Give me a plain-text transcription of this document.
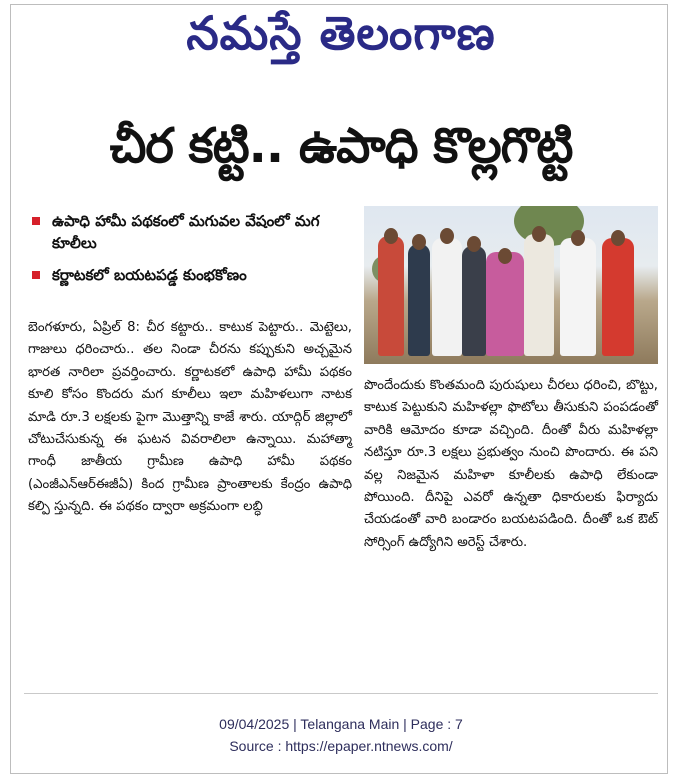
నమస్తే తెలంగాణ
చీర కట్టి.. ఉపాధి కొల్లగొట్టి
ఉపాధి హామీ పథకంలో మగువల వేషంలో మగ కూలీలు
కర్ణాటకలో బయటపడ్డ కుంభకోణం

బెంగళూరు, ఏప్రిల్ 8: చీర కట్టారు.. కాటుక పెట్టారు.. మెట్టెలు, గాజులు ధరించారు.. తల నిండా చీరను కప్పుకుని అచ్చమైన భారత నారిలా ప్రవర్తించారు. కర్ణాటకలో ఉపాధి హామీ పథకం కూలి కోసం కొందరు మగ కూలీలు ఇలా మహిళలుగా నాటక మాడి రూ.3 లక్షలకు పైగా మొత్తాన్ని కాజే శారు. యాద్గిర్ జిల్లాలో చోటుచేసుకున్న ఈ ఘటన వివరాలిలా ఉన్నాయి. మహాత్మా గాంధీ జాతీయ గ్రామీణ ఉపాధి హామీ పథకం (ఎంజీఎన్ఆర్ఈజీఏ) కింద గ్రామీణ ప్రాంతాలకు కేంద్రం ఉపాధి కల్పి స్తున్నది. ఈ పథకం ద్వారా అక్రమంగా లబ్ధి

పొందేందుకు కొంతమంది పురుషులు చీరలు ధరించి, బొట్టు, కాటుక పెట్టుకుని మహిళల్లా ఫొటోలు తీసుకుని పంపడంతో వారికి ఆమోదం కూడా వచ్చింది. దీంతో వీరు మహిళల్లా నటిస్తూ రూ.3 లక్షలు ప్రభుత్వం నుంచి పొందారు. ఈ పని వల్ల నిజమైన మహిళా కూలీలకు ఉపాధి లేకుండా పోయింది. దీనిపై ఎవరో ఉన్నతా ధికారులకు ఫిర్యాదు చేయడంతో వారి బండారం బయటపడింది. దీంతో ఒక ఔట్ సోర్సింగ్ ఉద్యోగిని అరెస్ట్ చేశారు.

09/04/2025 | Telangana Main | Page : 7
Source : https://epaper.ntnews.com/
